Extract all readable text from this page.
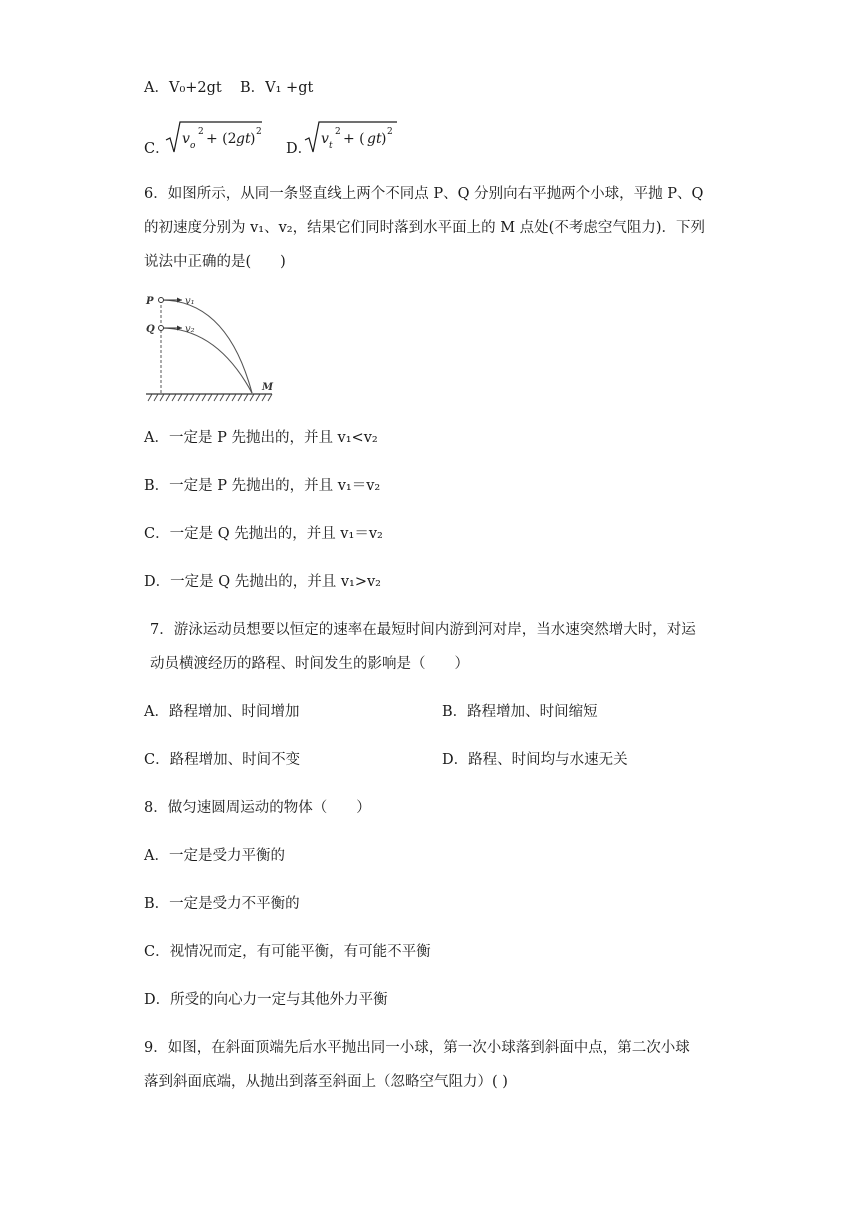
A．V₀+2gt B．V₁ +gt
C．
v o
2 + (2 gt ) 2
D．
v t
2 + ( gt ) 2
6．如图所示，从同一条竖直线上两个不同点 P、Q 分别向右平抛两个小球，平抛 P、Q
的初速度分别为 v₁、v₂，结果它们同时落到水平面上的 M 点处(不考虑空气阻力)．下列
说法中正确的是(　　)
P
Q
v₁
v₂
M
A．一定是 P 先抛出的，并且 v₁<v₂
B．一定是 P 先抛出的，并且 v₁＝v₂
C．一定是 Q 先抛出的，并且 v₁＝v₂
D．一定是 Q 先抛出的，并且 v₁>v₂
7．游泳运动员想要以恒定的速率在最短时间内游到河对岸，当水速突然增大时，对运
动员横渡经历的路程、时间发生的影响是（　　）
A．路程增加、时间增加	B．路程增加、时间缩短
C．路程增加、时间不变	D．路程、时间均与水速无关
8．做匀速圆周运动的物体（　　）
A．一定是受力平衡的
B．一定是受力不平衡的
C．视情况而定，有可能平衡，有可能不平衡
D．所受的向心力一定与其他外力平衡
9．如图，在斜面顶端先后水平抛出同一小球，第一次小球落到斜面中点，第二次小球
落到斜面底端，从抛出到落至斜面上（忽略空气阻力）( )
